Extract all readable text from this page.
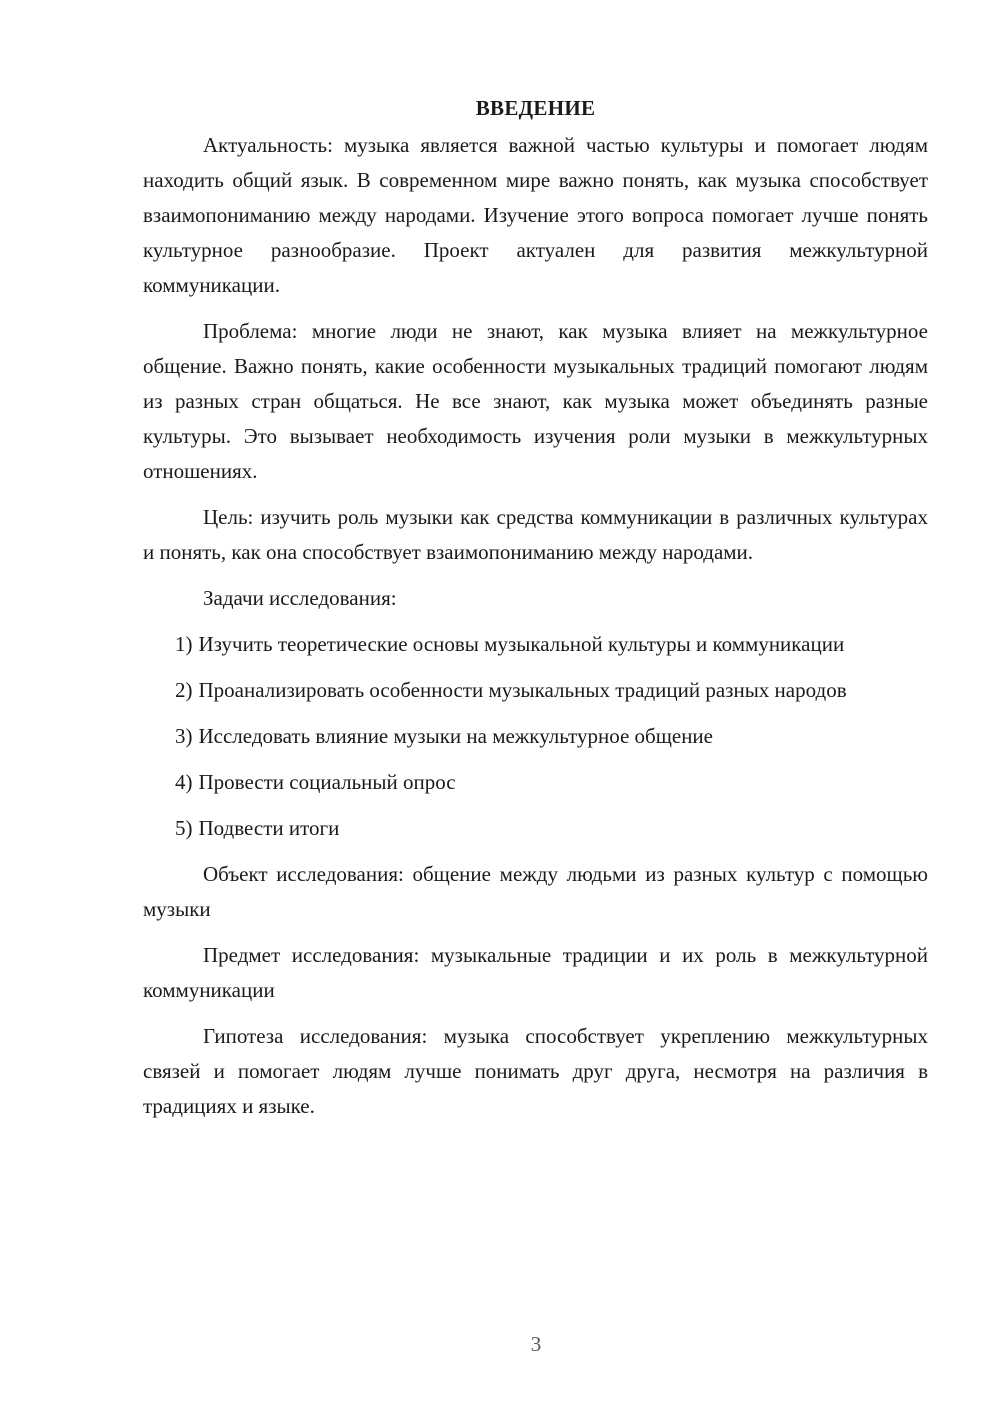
ВВЕДЕНИЕ

Актуальность: музыка является важной частью культуры и помогает людям находить общий язык. В современном мире важно понять, как музыка способствует взаимопониманию между народами. Изучение этого вопроса помогает лучше понять культурное разнообразие. Проект актуален для развития межкультурной коммуникации.

Проблема: многие люди не знают, как музыка влияет на межкультурное общение. Важно понять, какие особенности музыкальных традиций помогают людям из разных стран общаться. Не все знают, как музыка может объединять разные культуры. Это вызывает необходимость изучения роли музыки в межкультурных отношениях.

Цель: изучить роль музыки как средства коммуникации в различных культурах и понять, как она способствует взаимопониманию между народами.

Задачи исследования:

1) Изучить теоретические основы музыкальной культуры и коммуникации

2) Проанализировать особенности музыкальных традиций разных народов

3) Исследовать влияние музыки на межкультурное общение

4) Провести социальный опрос

5) Подвести итоги

Объект исследования: общение между людьми из разных культур с помощью музыки

Предмет исследования: музыкальные традиции и их роль в межкультурной коммуникации

Гипотеза исследования: музыка способствует укреплению межкультурных связей и помогает людям лучше понимать друг друга, несмотря на различия в традициях и языке.

3
